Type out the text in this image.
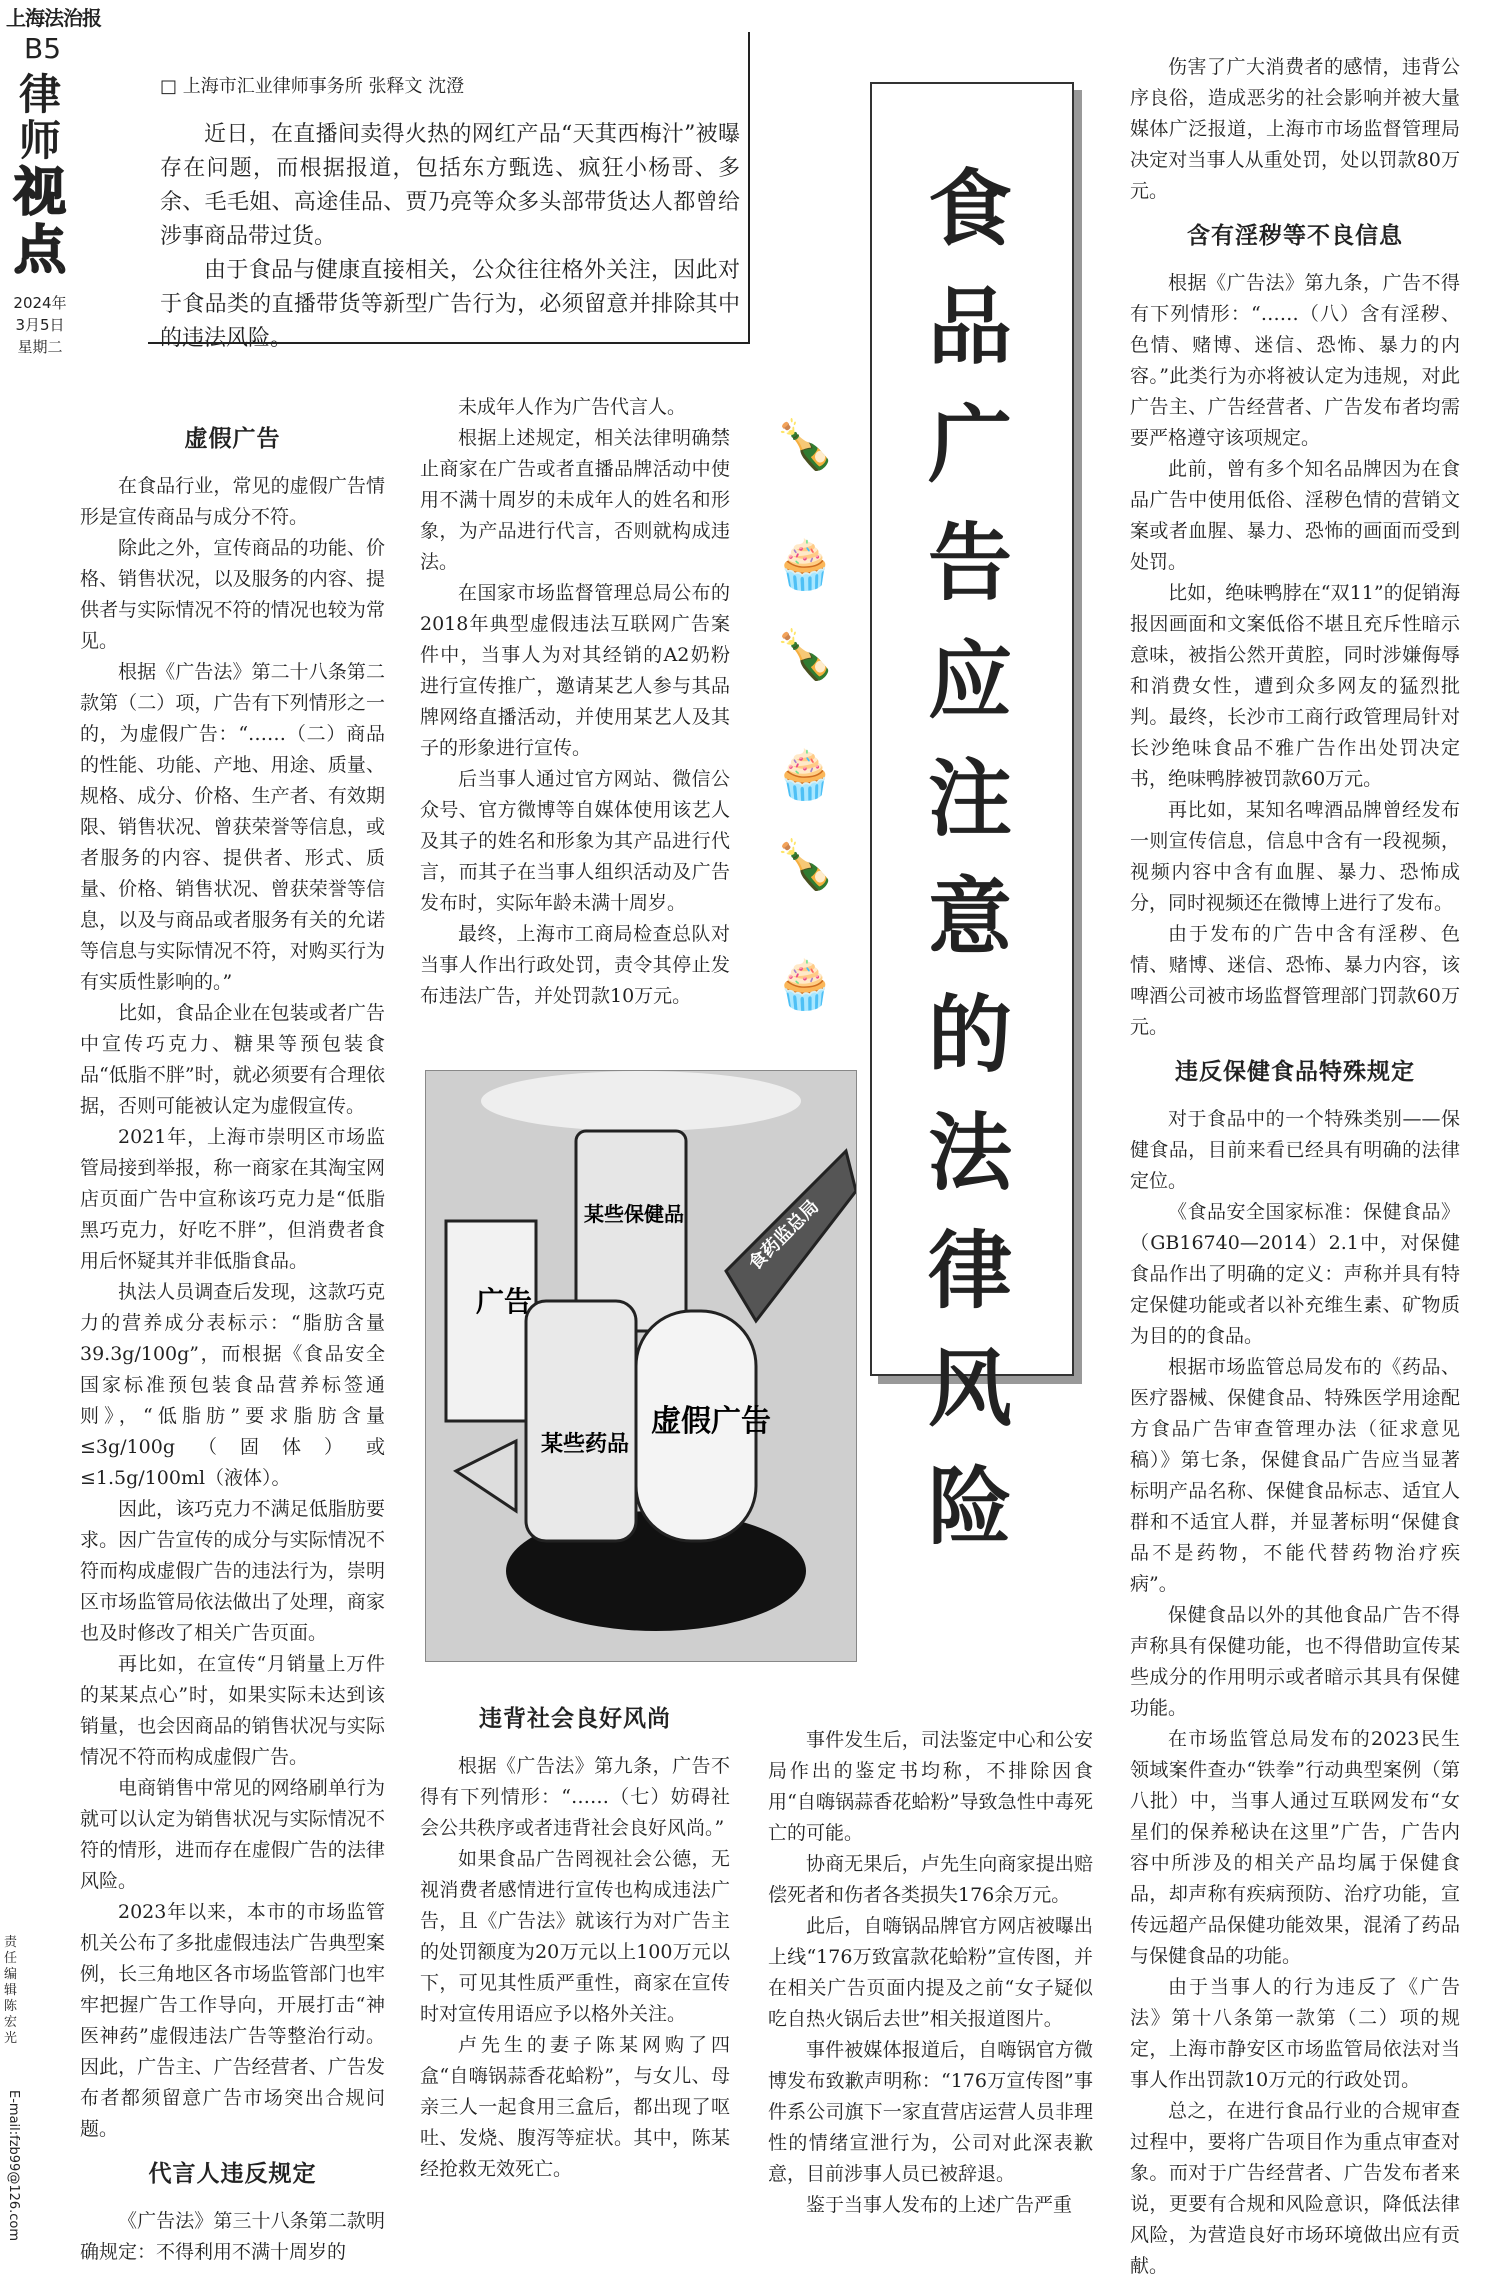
上海法治报
B5
律
师
视
点
2024年
3月5日
星期二
责任编辑 陈宏光
E-mail:fzb99@126.com
□ 上海市汇业律师事务所 张释文 沈澄

近日，在直播间卖得火热的网红产品“天萁西梅汁”被曝存在问题，而根据报道，包括东方甄选、疯狂小杨哥、多余、毛毛姐、高途佳品、贾乃亮等众多头部带货达人都曾给涉事商品带过货。

由于食品与健康直接相关，公众往往格外关注，因此对于食品类的直播带货等新型广告行为，必须留意并排除其中的违法风险。

食
品
广
告
应
注
意
的
法
律
风
险
🍾
🧁
🍾
🧁
🍾
🧁
虚假广告

在食品行业，常见的虚假广告情形是宣传商品与成分不符。

除此之外，宣传商品的功能、价格、销售状况，以及服务的内容、提供者与实际情况不符的情况也较为常见。

根据《广告法》第二十八条第二款第（二）项，广告有下列情形之一的，为虚假广告：“……（二）商品的性能、功能、产地、用途、质量、规格、成分、价格、生产者、有效期限、销售状况、曾获荣誉等信息，或者服务的内容、提供者、形式、质量、价格、销售状况、曾获荣誉等信息，以及与商品或者服务有关的允诺等信息与实际情况不符，对购买行为有实质性影响的。”

比如，食品企业在包装或者广告中宣传巧克力、糖果等预包装食品“低脂不胖”时，就必须要有合理依据，否则可能被认定为虚假宣传。

2021年，上海市崇明区市场监管局接到举报，称一商家在其淘宝网店页面广告中宣称该巧克力是“低脂黑巧克力，好吃不胖”，但消费者食用后怀疑其并非低脂食品。

执法人员调查后发现，这款巧克力的营养成分表标示：“脂肪含量39.3g/100g”，而根据《食品安全国家标准预包装食品营养标签通则》，“低脂肪”要求脂肪含量≤3g/100g（固体）或≤1.5g/100ml（液体）。

因此，该巧克力不满足低脂肪要求。因广告宣传的成分与实际情况不符而构成虚假广告的违法行为，崇明区市场监管局依法做出了处理，商家也及时修改了相关广告页面。

再比如，在宣传“月销量上万件的某某点心”时，如果实际未达到该销量，也会因商品的销售状况与实际情况不符而构成虚假广告。

电商销售中常见的网络刷单行为就可以认定为销售状况与实际情况不符的情形，进而存在虚假广告的法律风险。

2023年以来，本市的市场监管机关公布了多批虚假违法广告典型案例，长三角地区各市场监管部门也牢牢把握广告工作导向，开展打击“神医神药”虚假违法广告等整治行动。因此，广告主、广告经营者、广告发布者都须留意广告市场突出合规问题。

代言人违反规定

《广告法》第三十八条第二款明确规定：不得利用不满十周岁的

未成年人作为广告代言人。

根据上述规定，相关法律明确禁止商家在广告或者直播品牌活动中使用不满十周岁的未成年人的姓名和形象，为产品进行代言，否则就构成违法。

在国家市场监督管理总局公布的2018年典型虚假违法互联网广告案件中，当事人为对其经销的A2奶粉进行宣传推广，邀请某艺人参与其品牌网络直播活动，并使用某艺人及其子的形象进行宣传。

后当事人通过官方网站、微信公众号、官方微博等自媒体使用该艺人及其子的姓名和形象为其产品进行代言，而其子在当事人组织活动及广告发布时，实际年龄未满十周岁。

最终，上海市工商局检查总队对当事人作出行政处罚，责令其停止发布违法广告，并处罚款10万元。

广告
某些保健品
某些药品
虚假广告
食药监总局
违背社会良好风尚

根据《广告法》第九条，广告不得有下列情形：“……（七）妨碍社会公共秩序或者违背社会良好风尚。”

如果食品广告罔视社会公德，无视消费者感情进行宣传也构成违法广告，且《广告法》就该行为对广告主的处罚额度为20万元以上100万元以下，可见其性质严重性，商家在宣传时对宣传用语应予以格外关注。

卢先生的妻子陈某网购了四盒“自嗨锅蒜香花蛤粉”，与女儿、母亲三人一起食用三盒后，都出现了呕吐、发烧、腹泻等症状。其中，陈某经抢救无效死亡。

事件发生后，司法鉴定中心和公安局作出的鉴定书均称，不排除因食用“自嗨锅蒜香花蛤粉”导致急性中毒死亡的可能。

协商无果后，卢先生向商家提出赔偿死者和伤者各类损失176余万元。

此后，自嗨锅品牌官方网店被曝出上线“176万致富款花蛤粉”宣传图，并在相关广告页面内提及之前“女子疑似吃自热火锅后去世”相关报道图片。

事件被媒体报道后，自嗨锅官方微博发布致歉声明称：“176万宣传图”事件系公司旗下一家直营店运营人员非理性的情绪宣泄行为，公司对此深表歉意，目前涉事人员已被辞退。

鉴于当事人发布的上述广告严重

伤害了广大消费者的感情，违背公序良俗，造成恶劣的社会影响并被大量媒体广泛报道，上海市市场监督管理局决定对当事人从重处罚，处以罚款80万元。

含有淫秽等不良信息

根据《广告法》第九条，广告不得有下列情形：“……（八）含有淫秽、色情、赌博、迷信、恐怖、暴力的内容。”此类行为亦将被认定为违规，对此广告主、广告经营者、广告发布者均需要严格遵守该项规定。

此前，曾有多个知名品牌因为在食品广告中使用低俗、淫秽色情的营销文案或者血腥、暴力、恐怖的画面而受到处罚。

比如，绝味鸭脖在“双11”的促销海报因画面和文案低俗不堪且充斥性暗示意味，被指公然开黄腔，同时涉嫌侮辱和消费女性，遭到众多网友的猛烈批判。最终，长沙市工商行政管理局针对长沙绝味食品不雅广告作出处罚决定书，绝味鸭脖被罚款60万元。

再比如，某知名啤酒品牌曾经发布一则宣传信息，信息中含有一段视频，视频内容中含有血腥、暴力、恐怖成分，同时视频还在微博上进行了发布。

由于发布的广告中含有淫秽、色情、赌博、迷信、恐怖、暴力内容，该啤酒公司被市场监督管理部门罚款60万元。

违反保健食品特殊规定

对于食品中的一个特殊类别——保健食品，目前来看已经具有明确的法律定位。

《食品安全国家标准：保健食品》（GB16740—2014）2.1中，对保健食品作出了明确的定义：声称并具有特定保健功能或者以补充维生素、矿物质为目的的食品。

根据市场监管总局发布的《药品、医疗器械、保健食品、特殊医学用途配方食品广告审查管理办法（征求意见稿）》第七条，保健食品广告应当显著标明产品名称、保健食品标志、适宜人群和不适宜人群，并显著标明“保健食品不是药物，不能代替药物治疗疾病”。

保健食品以外的其他食品广告不得声称具有保健功能，也不得借助宣传某些成分的作用明示或者暗示其具有保健功能。

在市场监管总局发布的2023民生领域案件查办“铁拳”行动典型案例（第八批）中，当事人通过互联网发布“女星们的保养秘诀在这里”广告，广告内容中所涉及的相关产品均属于保健食品，却声称有疾病预防、治疗功能，宣传远超产品保健功能效果，混淆了药品与保健食品的功能。

由于当事人的行为违反了《广告法》第十八条第一款第（二）项的规定，上海市静安区市场监管局依法对当事人作出罚款10万元的行政处罚。

总之，在进行食品行业的合规审查过程中，要将广告项目作为重点审查对象。而对于广告经营者、广告发布者来说，更要有合规和风险意识，降低法律风险，为营造良好市场环境做出应有贡献。
